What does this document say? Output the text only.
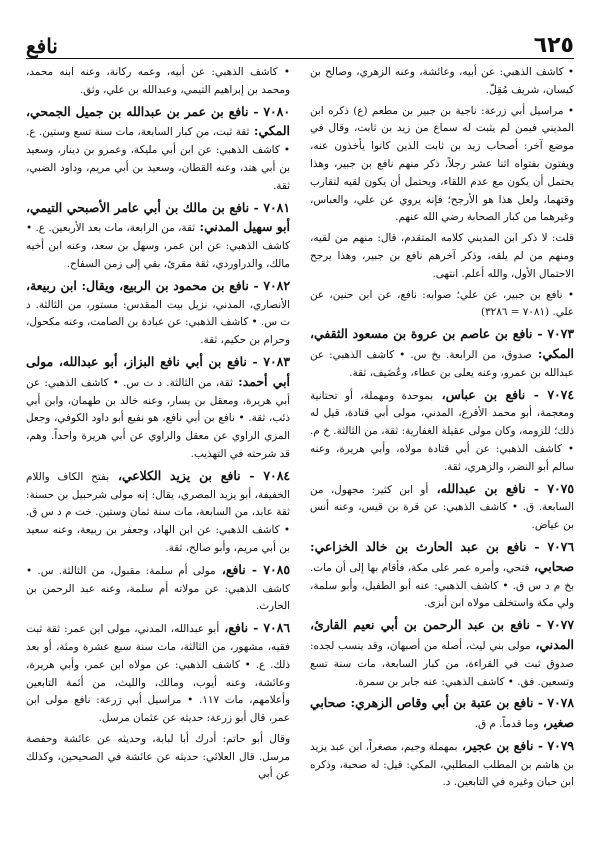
٦٢٥
نافع

• كاشف الذهبي: عن أبيه، وعائشة، وعنه الزهري، وصالح بن كيسان، شريف مُقِلّ.

• مراسيل أبي زرعة: ناجية بن جبير بن مطعم (ع) ذكره ابن المديني فيمن لم يثبت له سماع من زيد بن ثابت، وقال في موضع آخر: أصحاب زيد بن ثابت الذين كانوا يأخذون عنه، ويفتون بفتواه اثنا عشر رجلاً، ذكر منهم نافع بن جبير، وهذا يحتمل أن يكون مع عدم اللقاء، ويحتمل أن يكون لقيه لتقارب وقتهما، ولعل هذا هو الأرجح؛ فإنه يروي عن علي، والعباس، وغيرهما من كبار الصحابة رضي الله عنهم.

قلت: لا ذكر ابن المديني كلامه المتقدم، قال: منهم من لقيه، ومنهم من لم يلقه، وذكر آخرهم نافع بن جبير، وهذا يرجح الاحتمال الأول، والله أعلم. انتهى.

• نافع بن جبير، عن علي؛ صوابه: نافع، عن ابن حنين، عن علي. (٧٠٨١ = ٣٢٨٦)

٧٠٧٣ - نافع بن عاصم بن عروة بن مسعود الثقفي، المكي: صدوق، من الرابعة. بخ س. • كاشف الذهبي: عن عبدالله بن عمرو، وعنه يعلى بن عطاء، وعُضَيف، ثقة.

٧٠٧٤ - نافع بن عباس، بموحدة ومهملة، أو تحتانية ومعجمة، أبو محمد الأقرع، المدني، مولى أبي قتادة، قيل له ذلك؛ للزومه، وكان مولى عقيلة الغفارية: ثقة، من الثالثة. خ م. • كاشف الذهبي: عن أبي قتادة مولاه، وأبي هريرة، وعنه سالم أبو النضر، والزهري، ثقة.

٧٠٧٥ - نافع بن عبدالله، أو ابن كثير: مجهول، من السابعة. ق. • كاشف الذهبي: عن قرة بن قيس، وعنه أنس بن عياض.

٧٠٧٦ - نافع بن عبد الحارث بن خالد الخزاعي: صحابي، فتحي، وأمره عمر على مكة، فأقام بها إلى أن مات. بخ م د س ق. • كاشف الذهبي: عنه أبو الطفيل، وأبو سلمة، ولي مكة واستخلف مولاه ابن أبزى.

٧٠٧٧ - نافع بن عبد الرحمن بن أبي نعيم القارئ، المدني، مولى بني ليث، أصله من أصبهان، وقد ينسب لجده: صدوق ثبت في القراءة، من كبار السابعة، مات سنة تسع وتسعين. فق. • كاشف الذهبي: عنه جابر بن سمرة.

٧٠٧٨ - نافع بن عتبة بن أبي وقاص الزهري: صحابي صغير، وما قدماً. م ق.

٧٠٧٩ - نافع بن عجير، بمهملة وجيم، مصغراً، ابن عبد يزيد بن هاشم بن المطلب المطلبي، المكي: قيل: له صحبة، وذكره ابن حبان وغيره في التابعين. د.

• كاشف الذهبي: عن أبيه، وعمه ركانة، وعنه ابنه محمد، ومحمد بن إبراهيم التيمي، وعبدالله بن علي، وثق.

٧٠٨٠ - نافع بن عمر بن عبدالله بن جميل الجمحي، المكي: ثقة ثبت، من كبار السابعة، مات سنة تسع وستين. ع. • كاشف الذهبي: عن ابن أبي مليكة، وعمرو بن دينار، وسعيد بن أبي هند، وعنه القطان، وسعيد بن أبي مريم، وداود الضبي، ثقة.

٧٠٨١ - نافع بن مالك بن أبي عامر الأصبحي التيمي، أبو سهيل المدني: ثقة، من الرابعة، مات بعد الأربعين. ع. • كاشف الذهبي: عن ابن عمر، وسهل بن سعد، وعنه ابن أخيه مالك، والدراوردي، ثقة مقرئ، بقي إلى زمن السفاح.

٧٠٨٢ - نافع بن محمود بن الربيع، ويقال: ابن ربيعة، الأنصاري، المدني، نزيل بيت المقدس: مستور، من الثالثة. د ت س. • كاشف الذهبي: عن عبادة بن الصامت، وعنه مكحول، وحرام بن حكيم، ثقة.

٧٠٨٣ - نافع بن أبي نافع البزاز، أبو عبدالله، مولى أبي أحمد: ثقة، من الثالثة. د ت س. • كاشف الذهبي: عن أبي هريرة، ومعقل بن يسار، وعنه خالد بن طهمان، وابن أبي ذئب، ثقة. • نافع بن أبي نافع، هو نفيع أبو داود الكوفي، وجعل المزي الراوي عن معقل والراوي عن أبي هريرة واحداً. وهم، قد شرحته في التهذيب.

٧٠٨٤ - نافع بن يزيد الكلاعي، بفتح الكاف واللام الخفيفة، أبو يزيد المصري، يقال: إنه مولى شرحبيل بن حسنة: ثقة عابد، من السابعة، مات سنة ثمان وستين. خت م د س ق. • كاشف الذهبي: عن ابن الهاد، وجعفر بن ربيعة، وعنه سعيد بن أبي مريم، وأبو صالح، ثقة.

٧٠٨٥ - نافع، مولى أم سلمة: مقبول، من الثالثة. س. • كاشف الذهبي: عن مولاته أم سلمة، وعنه عبد الرحمن بن الحارث.

٧٠٨٦ - نافع، أبو عبدالله، المدني، مولى ابن عمر: ثقة ثبت فقيه، مشهور، من الثالثة، مات سنة سبع عشرة ومئة، أو بعد ذلك. ع. • كاشف الذهبي: عن مولاه ابن عمر، وأبي هريرة، وعائشة، وعنه أيوب، ومالك، والليث، من أئمة التابعين وأعلامهم، مات ١١٧. • مراسيل أبي زرعة: نافع مولى ابن عمر، قال أبو زرعة: حديثه عن عثمان مرسل.

وقال أبو حاتم: أدرك أبا لبابة، وحديثه عن عائشة وحفصة مرسل. قال العلائي: حديثه عن عائشة في الصحيحين، وكذلك عن أبي
